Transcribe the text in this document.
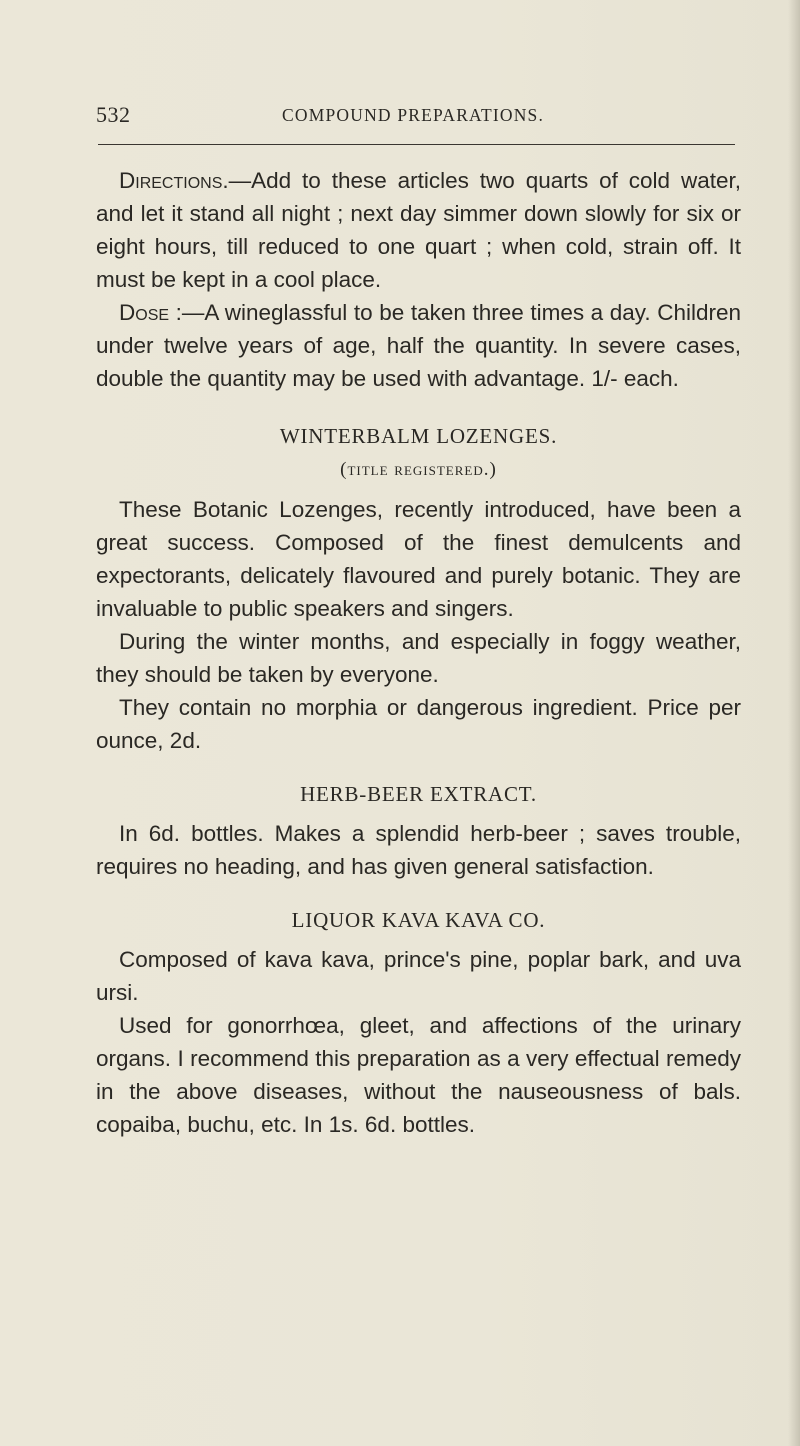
532	COMPOUND PREPARATIONS.

Directions.—Add to these articles two quarts of cold water, and let it stand all night ; next day simmer down slowly for six or eight hours, till reduced to one quart ; when cold, strain off. It must be kept in a cool place.

Dose :—A wineglassful to be taken three times a day. Children under twelve years of age, half the quantity. In severe cases, double the quantity may be used with advantage. 1/- each.

WINTERBALM LOZENGES.
(title registered.)

These Botanic Lozenges, recently introduced, have been a great success. Composed of the finest demulcents and expectorants, delicately flavoured and purely botanic. They are invaluable to public speakers and singers.

During the winter months, and especially in foggy weather, they should be taken by everyone.

They contain no morphia or dangerous ingredient. Price per ounce, 2d.

HERB-BEER EXTRACT.

In 6d. bottles. Makes a splendid herb-beer ; saves trouble, requires no heading, and has given general satisfaction.

LIQUOR KAVA KAVA CO.

Composed of kava kava, prince's pine, poplar bark, and uva ursi.

Used for gonorrhœa, gleet, and affections of the urinary organs. I recommend this preparation as a very effectual remedy in the above diseases, without the nauseousness of bals. copaiba, buchu, etc. In 1s. 6d. bottles.
